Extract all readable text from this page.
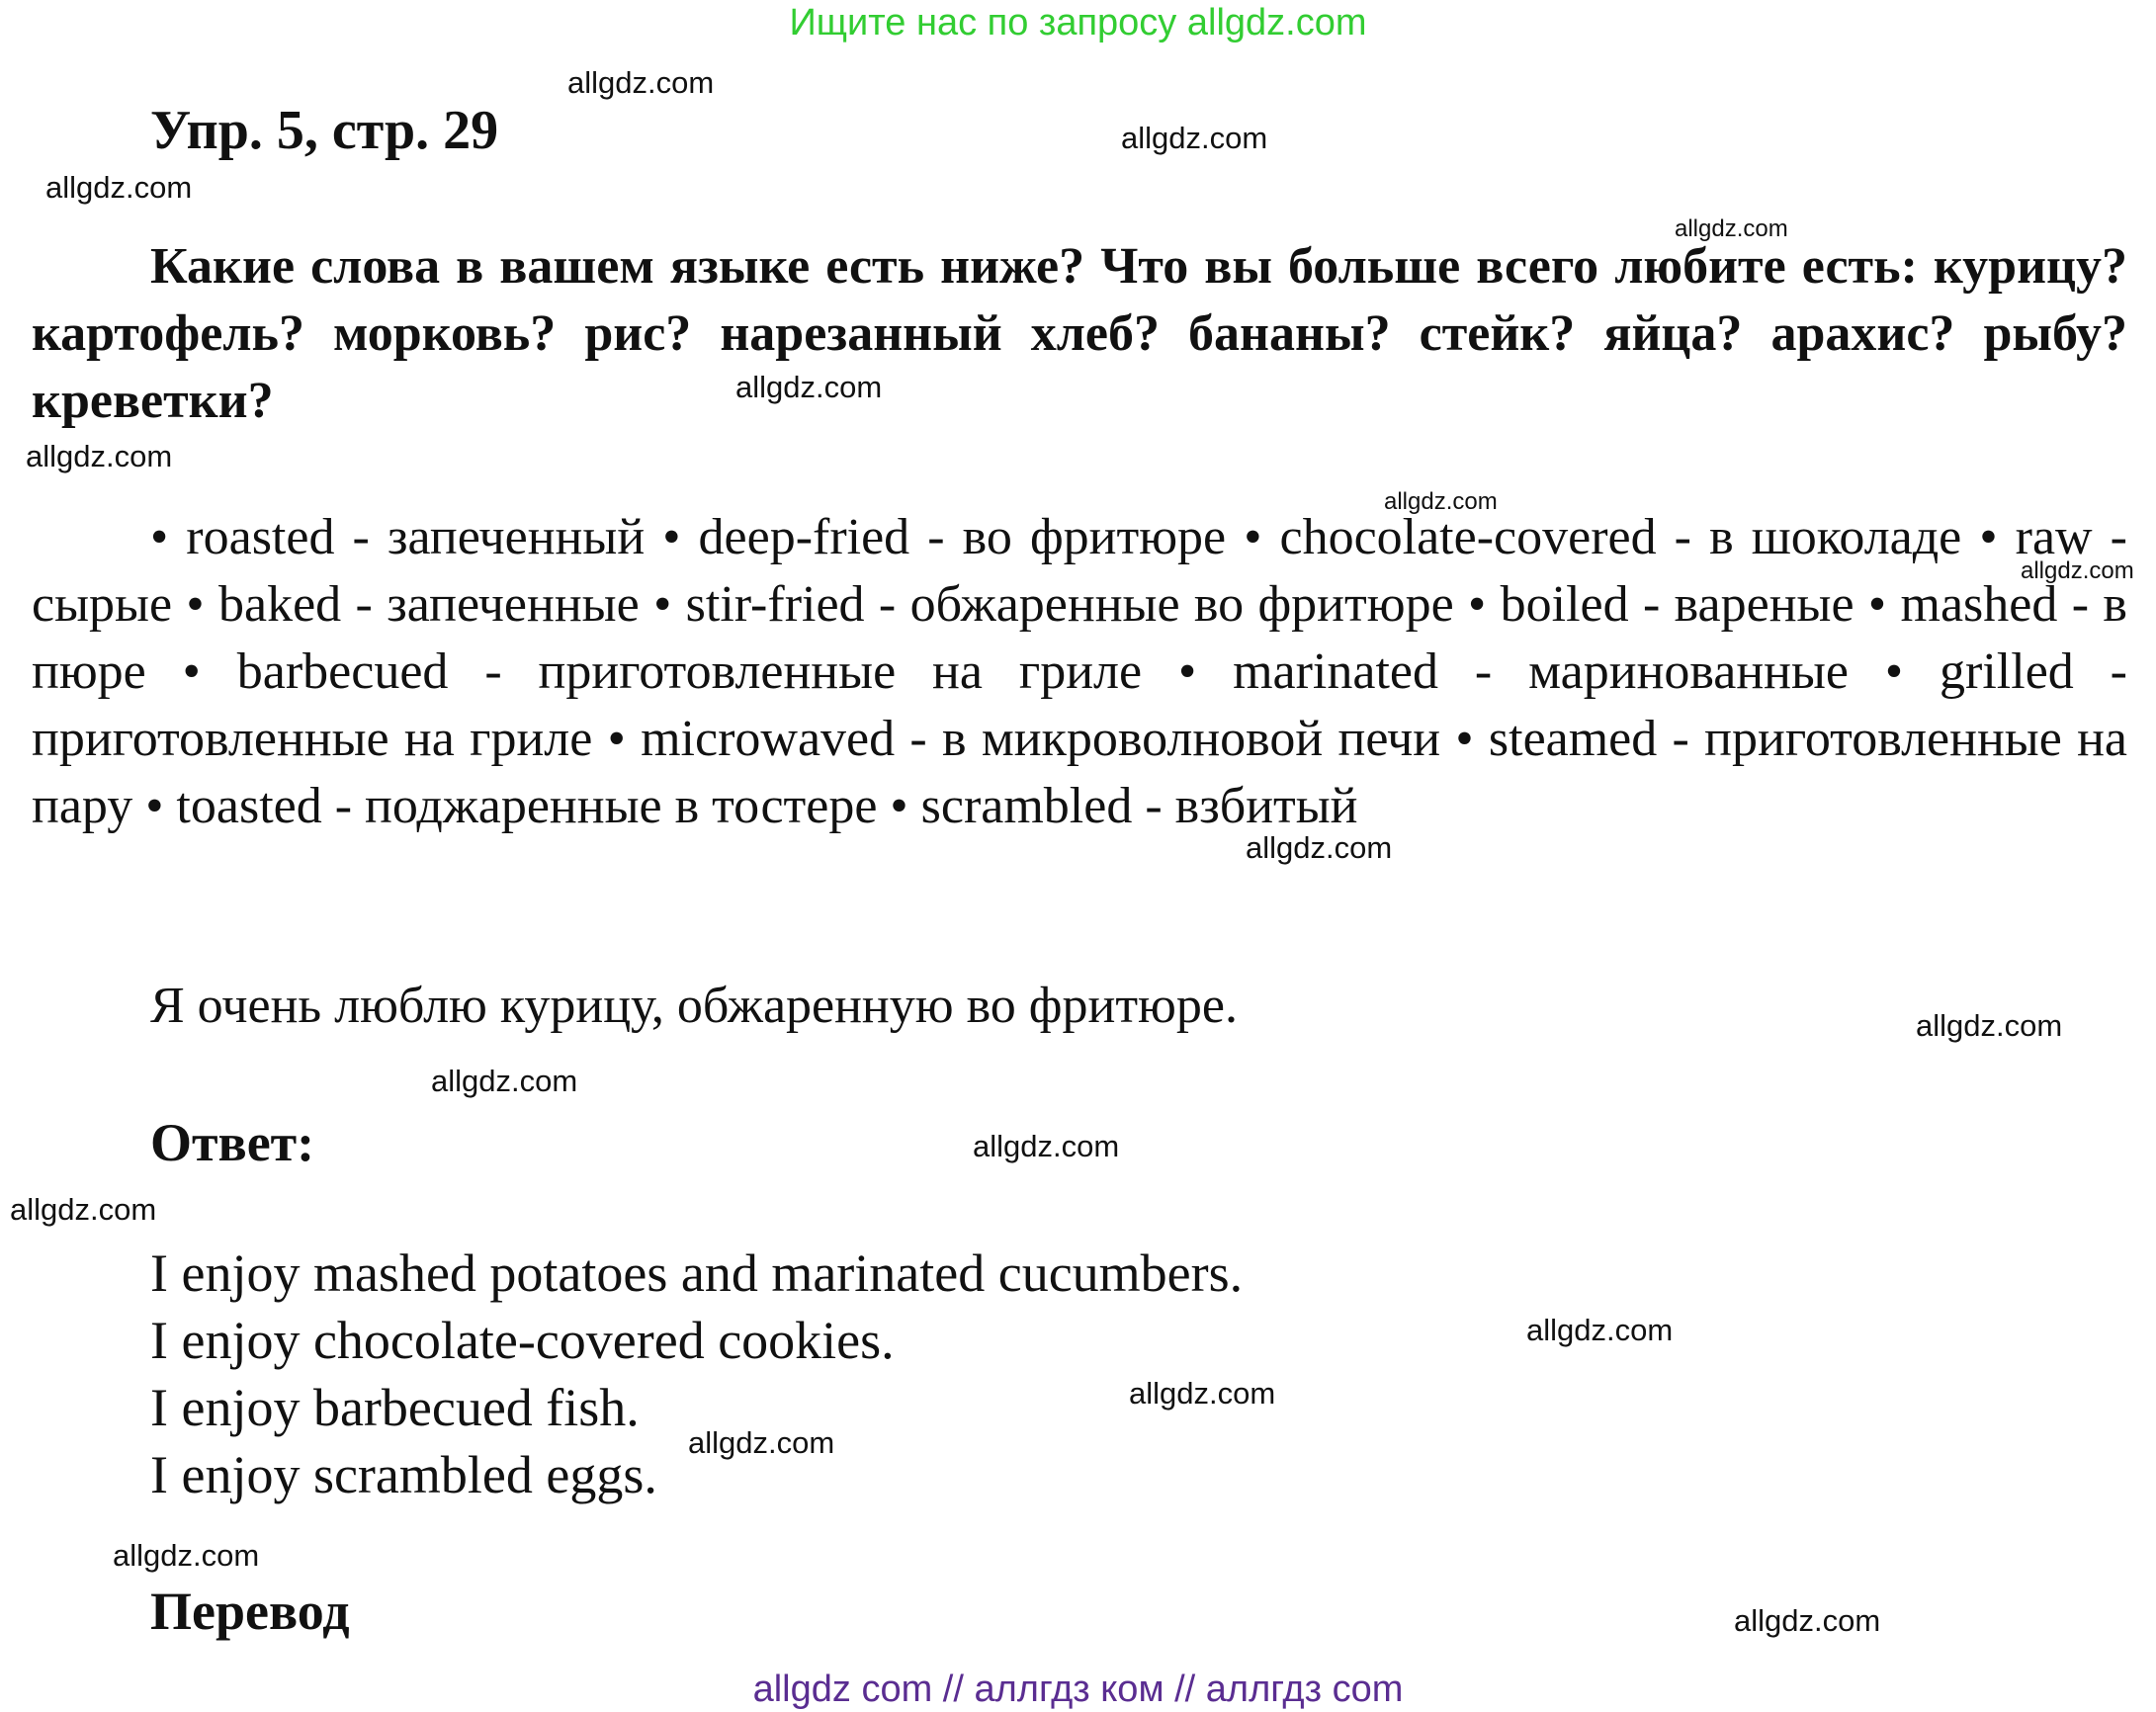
Ищите нас по запросу allgdz.com
Упр. 5, стр. 29

Какие слова в вашем языке есть ниже? Что вы больше всего любите есть: курицу? картофель? морковь? рис? нарезанный хлеб? бананы? стейк? яйца? арахис? рыбу? креветки?

• roasted - запеченный • deep-fried - во фритюре • chocolate-covered - в шоколаде • raw - сырые • baked - запеченные • stir-fried - обжаренные во фритюре • boiled - вареные • mashed - в пюре • barbecued - приготовленные на гриле • marinated - маринованные • grilled - приготовленные на гриле • microwaved - в микроволновой печи • steamed - приготовленные на пару • toasted - поджаренные в тостере • scrambled - взбитый

Я очень люблю курицу, обжаренную во фритюре.

Ответ:
I enjoy mashed potatoes and marinated cucumbers.
I enjoy chocolate-covered cookies.
I enjoy barbecued fish.
I enjoy scrambled eggs.
Перевод
allgdz.com
allgdz.com
allgdz.com
allgdz.com
allgdz.com
allgdz.com
allgdz.com
allgdz.com
allgdz.com
allgdz.com
allgdz.com
allgdz.com
allgdz.com
allgdz.com
allgdz.com
allgdz.com
allgdz.com
allgdz.com
allgdz com // аллгдз ком // аллгдз com
